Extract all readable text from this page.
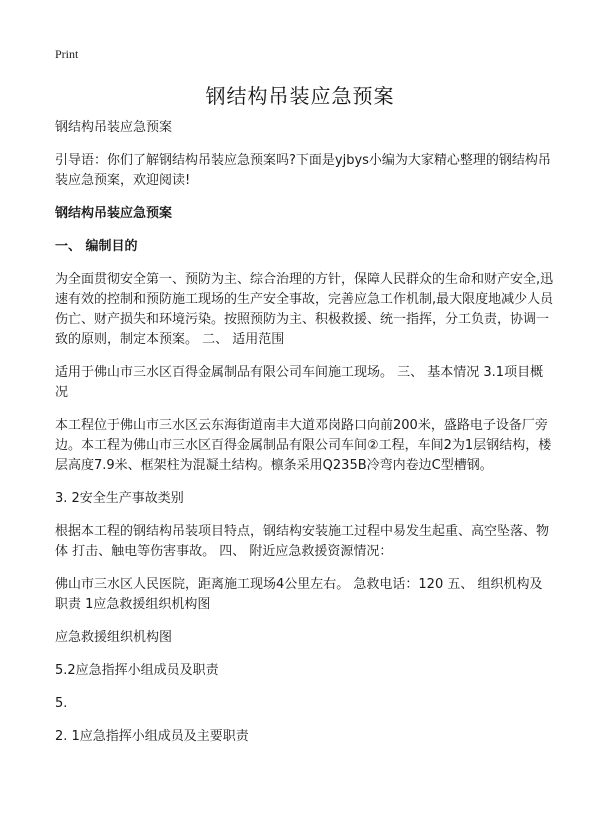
Print
钢结构吊装应急预案

钢结构吊装应急预案

引导语：你们了解钢结构吊装应急预案吗?下面是yjbys小编为大家精心整理的钢结构吊装应急预案，欢迎阅读!

钢结构吊装应急预案

一、 编制目的

为全面贯彻安全第一、预防为主、综合治理的方针，保障人民群众的生命和财产安全,迅速有效的控制和预防施工现场的生产安全事故，完善应急工作机制,最大限度地减少人员伤亡、财产损失和环境污染。按照预防为主、积极救援、统一指挥，分工负责，协调一致的原则，制定本预案。 二、 适用范围

适用于佛山市三水区百得金属制品有限公司车间施工现场。 三、 基本情况 3.1项目概况

本工程位于佛山市三水区云东海街道南丰大道邓岗路口向前200米，盛路电子设备厂旁边。本工程为佛山市三水区百得金属制品有限公司车间②工程，车间2为1层钢结构，楼层高度7.9米、框架柱为混凝土结构。檩条采用Q235B冷弯内卷边C型槽钢。

3. 2安全生产事故类别

根据本工程的钢结构吊装项目特点，钢结构安装施工过程中易发生起重、高空坠落、物体 打击、触电等伤害事故。 四、 附近应急救援资源情况：

佛山市三水区人民医院，距离施工现场4公里左右。 急救电话：120 五、 组织机构及职责 1应急救援组织机构图

应急救援组织机构图

5.2应急指挥小组成员及职责

5.

2. 1应急指挥小组成员及主要职责
